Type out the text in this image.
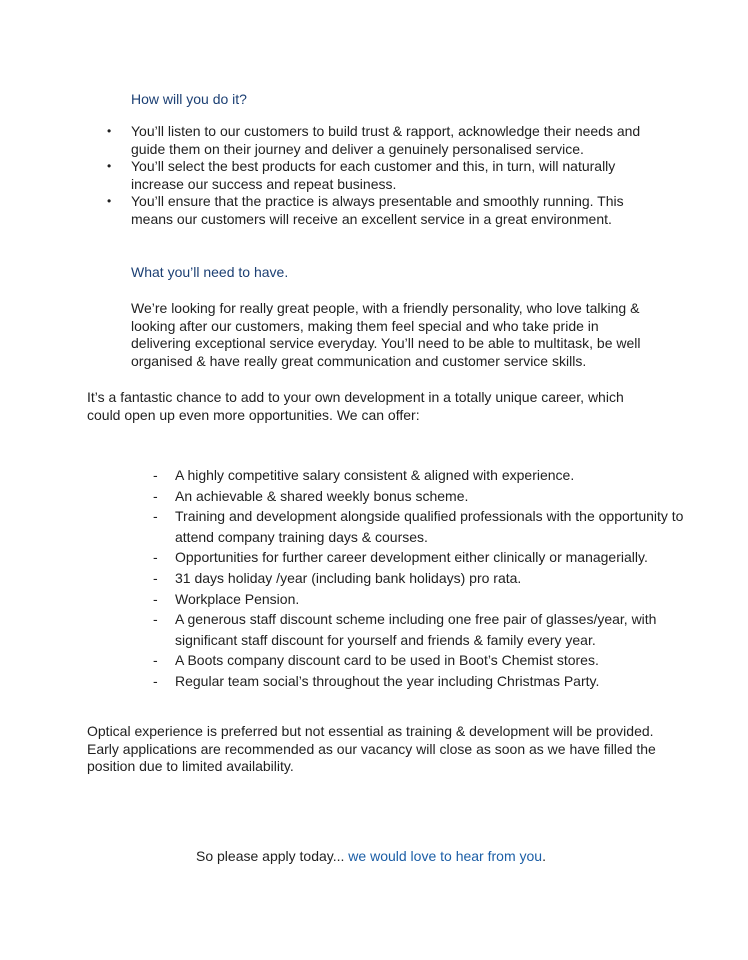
How will you do it?
• You’ll listen to our customers to build trust & rapport, acknowledge their needs and guide them on their journey and deliver a genuinely personalised service.
• You’ll select the best products for each customer and this, in turn, will naturally increase our success and repeat business.
• You’ll ensure that the practice is always presentable and smoothly running. This means our customers will receive an excellent service in a great environment.
What you’ll need to have.

We’re looking for really great people, with a friendly personality, who love talking & looking after our customers, making them feel special and who take pride in delivering exceptional service everyday. You’ll need to be able to multitask, be well organised & have really great communication and customer service skills.

It’s a fantastic chance to add to your own development in a totally unique career, which could open up even more opportunities. We can offer:

- A highly competitive salary consistent & aligned with experience.
- An achievable & shared weekly bonus scheme.
- Training and development alongside qualified professionals with the opportunity to attend company training days & courses.
- Opportunities for further career development either clinically or managerially.
- 31 days holiday /year (including bank holidays) pro rata.
- Workplace Pension.
- A generous staff discount scheme including one free pair of glasses/year, with significant staff discount for yourself and friends & family every year.
- A Boots company discount card to be used in Boot’s Chemist stores.
- Regular team social’s throughout the year including Christmas Party.

Optical experience is preferred but not essential as training & development will be provided. Early applications are recommended as our vacancy will close as soon as we have filled the position due to limited availability.

So please apply today... we would love to hear from you.
